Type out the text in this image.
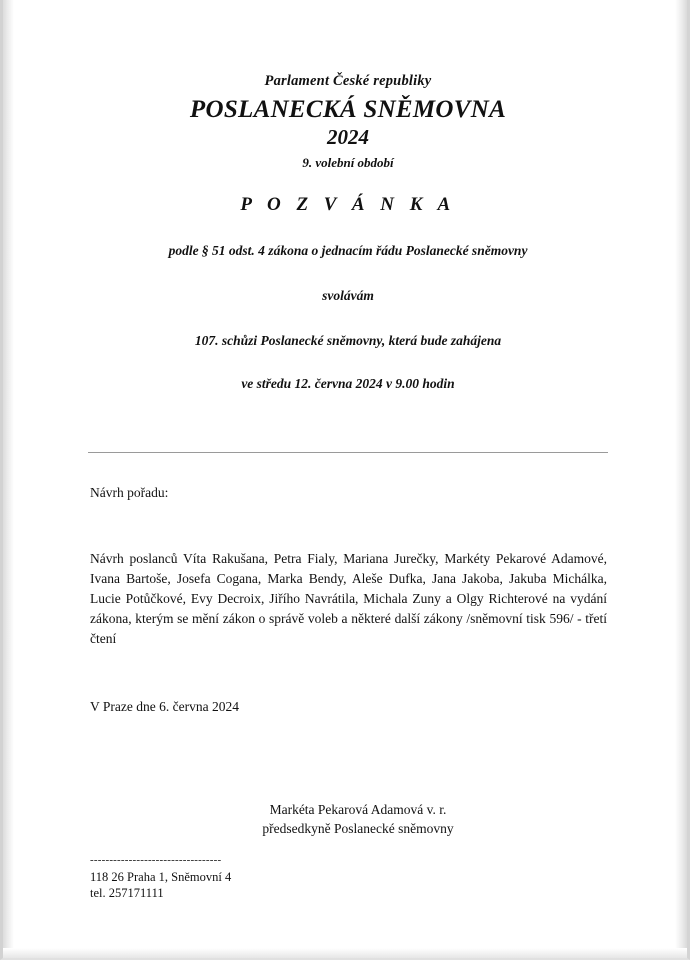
Parlament České republiky
POSLANECKÁ SNĚMOVNA
2024
9. volební období
P O Z V Á N K A
podle § 51 odst. 4 zákona o jednacím řádu Poslanecké sněmovny
svolávám
107. schůzi Poslanecké sněmovny, která bude zahájena
ve středu 12. června 2024 v 9.00 hodin
Návrh pořadu:

Návrh poslanců Víta Rakušana, Petra Fialy, Mariana Jurečky, Markéty Pekarové Adamové, Ivana Bartoše, Josefa Cogana, Marka Bendy, Aleše Dufka, Jana Jakoba, Jakuba Michálka, Lucie Potůčkové, Evy Decroix, Jiřího Navrátila, Michala Zuny a Olgy Richterové na vydání zákona, kterým se mění zákon o správě voleb a některé další zákony /sněmovní tisk 596/ - třetí čtení

V Praze dne 6. června 2024
Markéta Pekarová Adamová v. r.
předsedkyně Poslanecké sněmovny
----------------------------------
118 26 Praha 1, Sněmovní 4
tel. 257171111
